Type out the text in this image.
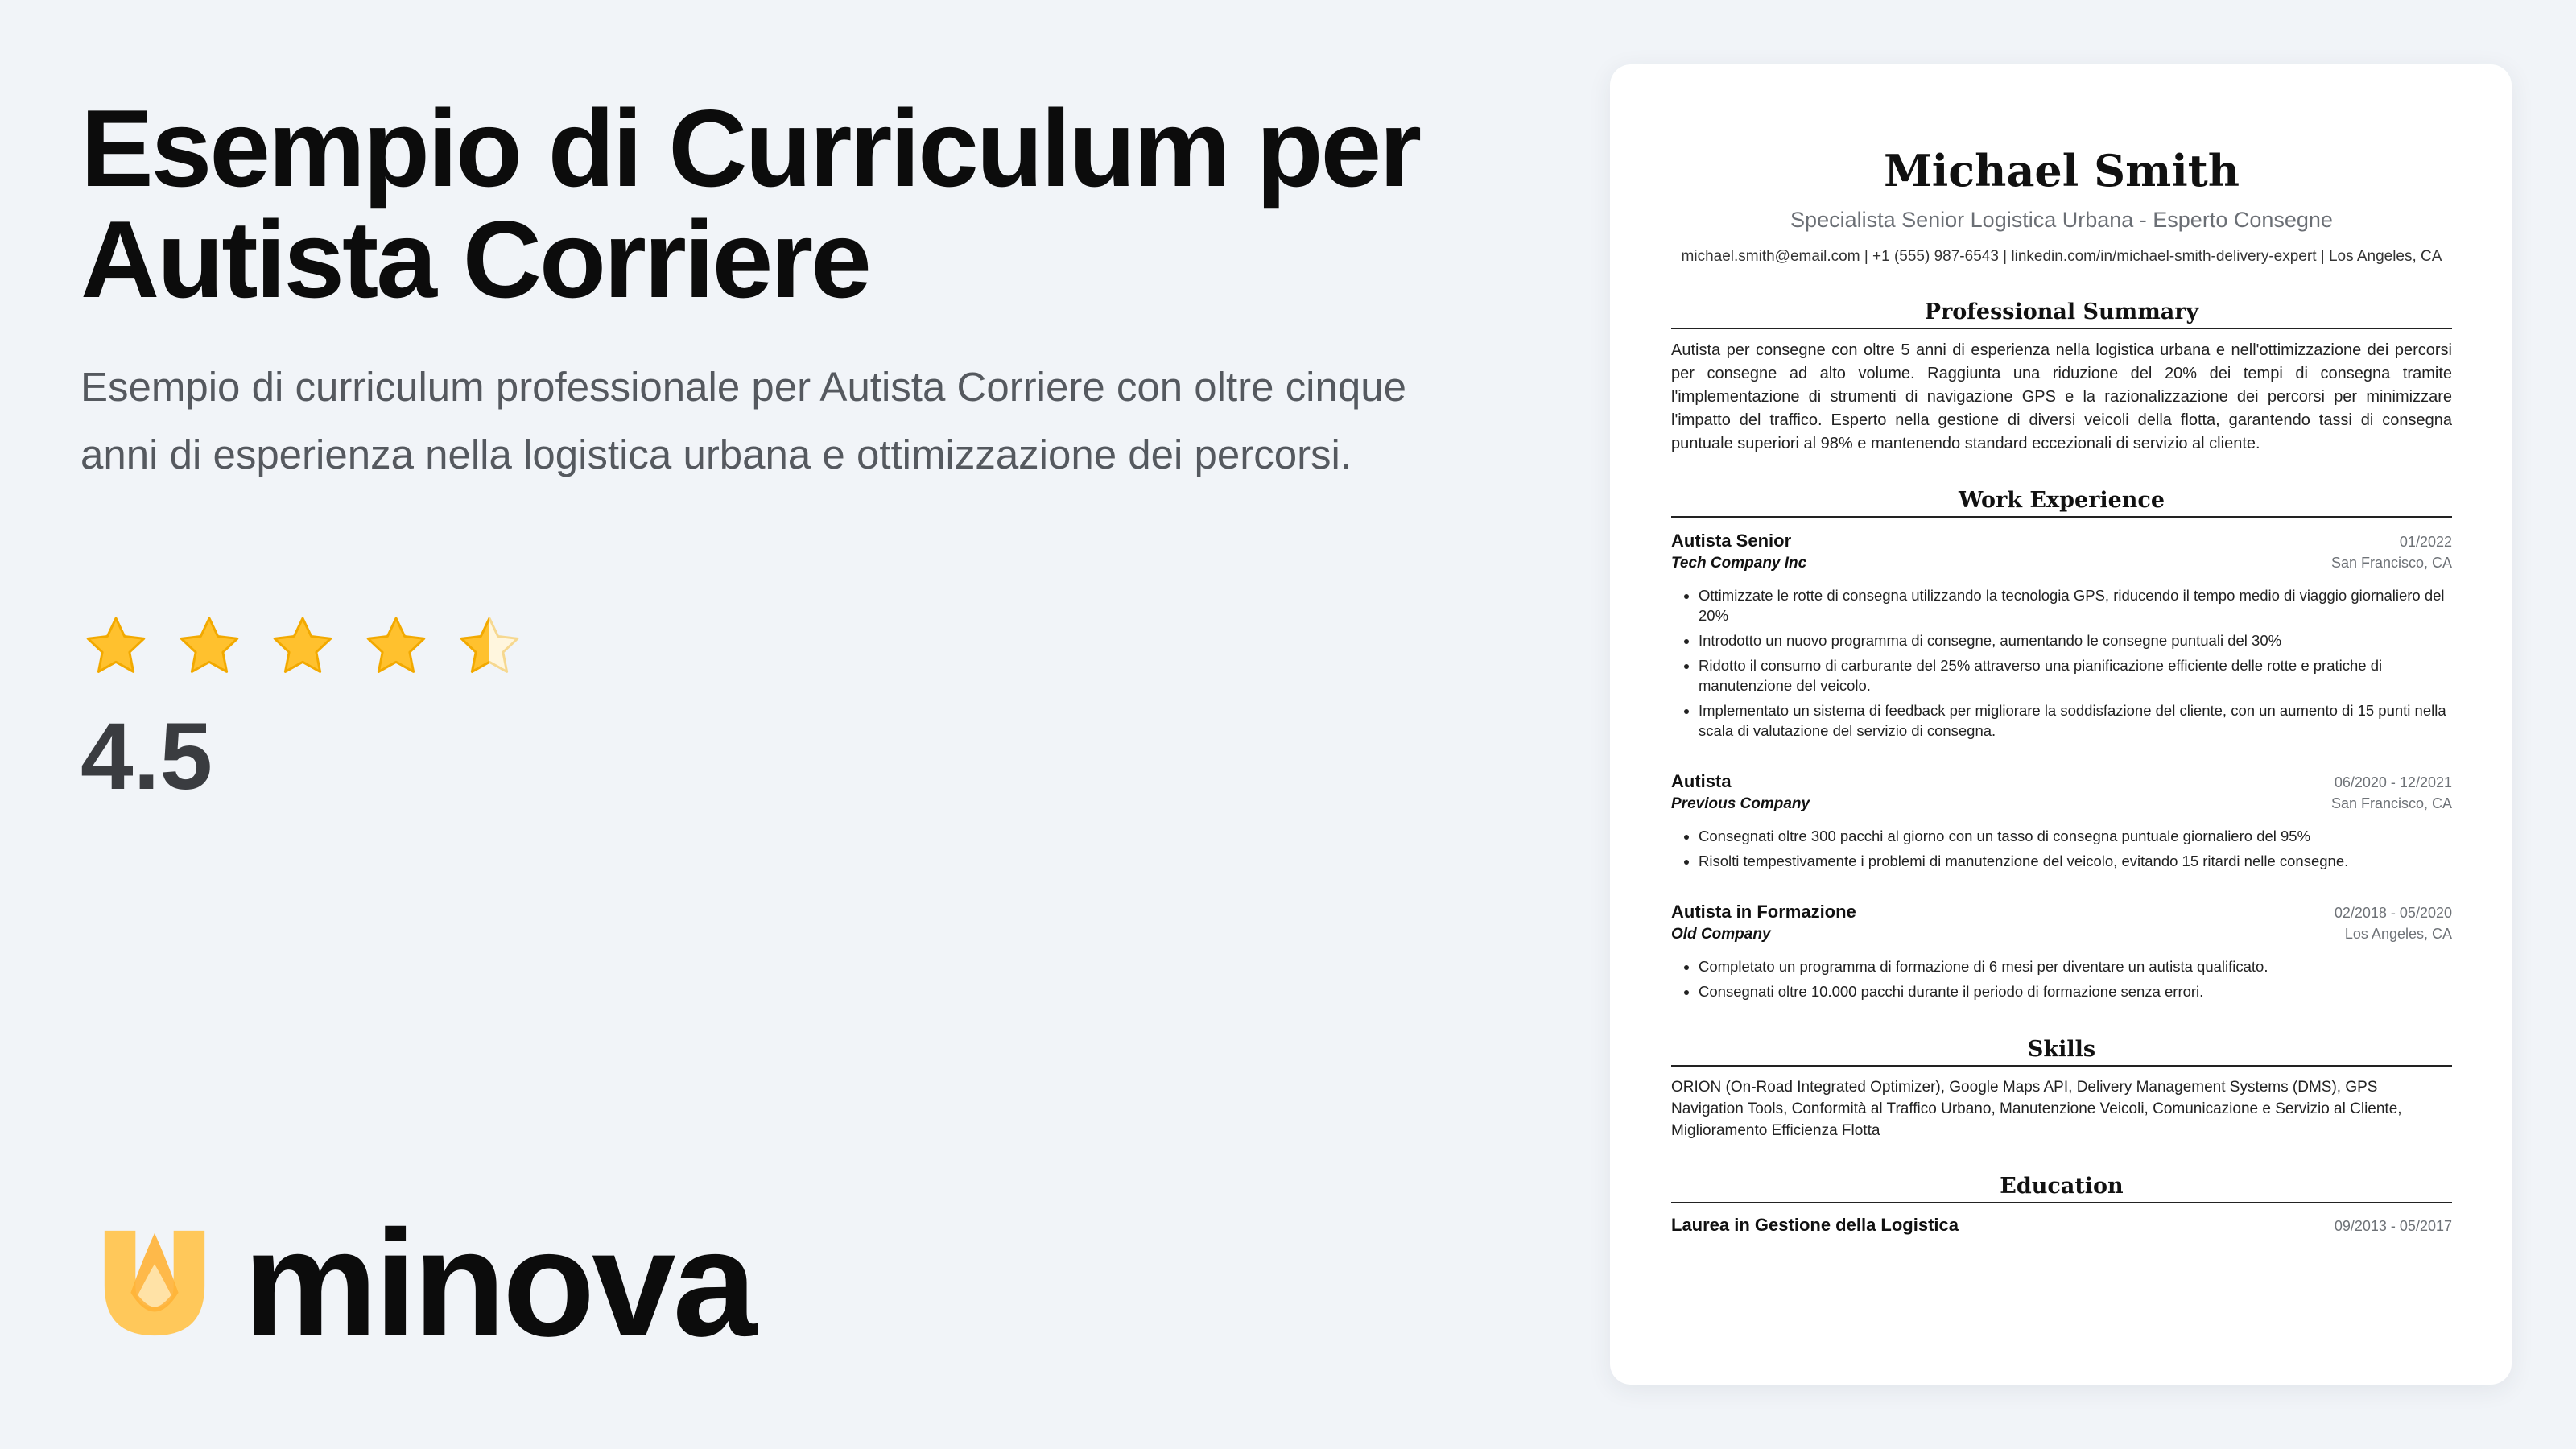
Esempio di Curriculum per Autista Corriere

Esempio di curriculum professionale per Autista Corriere con oltre cinque anni di esperienza nella logistica urbana e ottimizzazione dei percorsi.

4.5
minova
Michael Smith
Specialista Senior Logistica Urbana - Esperto Consegne
michael.smith@email.com | +1 (555) 987-6543 | linkedin.com/in/michael-smith-delivery-expert | Los Angeles, CA
Professional Summary
Autista per consegne con oltre 5 anni di esperienza nella logistica urbana e nell'ottimizzazione dei percorsi per consegne ad alto volume. Raggiunta una riduzione del 20% dei tempi di consegna tramite l'implementazione di strumenti di navigazione GPS e la razionalizzazione dei percorsi per minimizzare l'impatto del traffico. Esperto nella gestione di diversi veicoli della flotta, garantendo tassi di consegna puntuale superiori al 98% e mantenendo standard eccezionali di servizio al cliente.
Work Experience
Autista Senior	01/2022
Tech Company Inc	San Francisco, CA
• Ottimizzate le rotte di consegna utilizzando la tecnologia GPS, riducendo il tempo medio di viaggio giornaliero del 20%
• Introdotto un nuovo programma di consegne, aumentando le consegne puntuali del 30%
• Ridotto il consumo di carburante del 25% attraverso una pianificazione efficiente delle rotte e pratiche di manutenzione del veicolo.
• Implementato un sistema di feedback per migliorare la soddisfazione del cliente, con un aumento di 15 punti nella scala di valutazione del servizio di consegna.
Autista	06/2020 - 12/2021
Previous Company	San Francisco, CA
• Consegnati oltre 300 pacchi al giorno con un tasso di consegna puntuale giornaliero del 95%
• Risolti tempestivamente i problemi di manutenzione del veicolo, evitando 15 ritardi nelle consegne.
Autista in Formazione	02/2018 - 05/2020
Old Company	Los Angeles, CA
• Completato un programma di formazione di 6 mesi per diventare un autista qualificato.
• Consegnati oltre 10.000 pacchi durante il periodo di formazione senza errori.
Skills
ORION (On-Road Integrated Optimizer), Google Maps API, Delivery Management Systems (DMS), GPS Navigation Tools, Conformità al Traffico Urbano, Manutenzione Veicoli, Comunicazione e Servizio al Cliente, Miglioramento Efficienza Flotta
Education
Laurea in Gestione della Logistica	09/2013 - 05/2017
